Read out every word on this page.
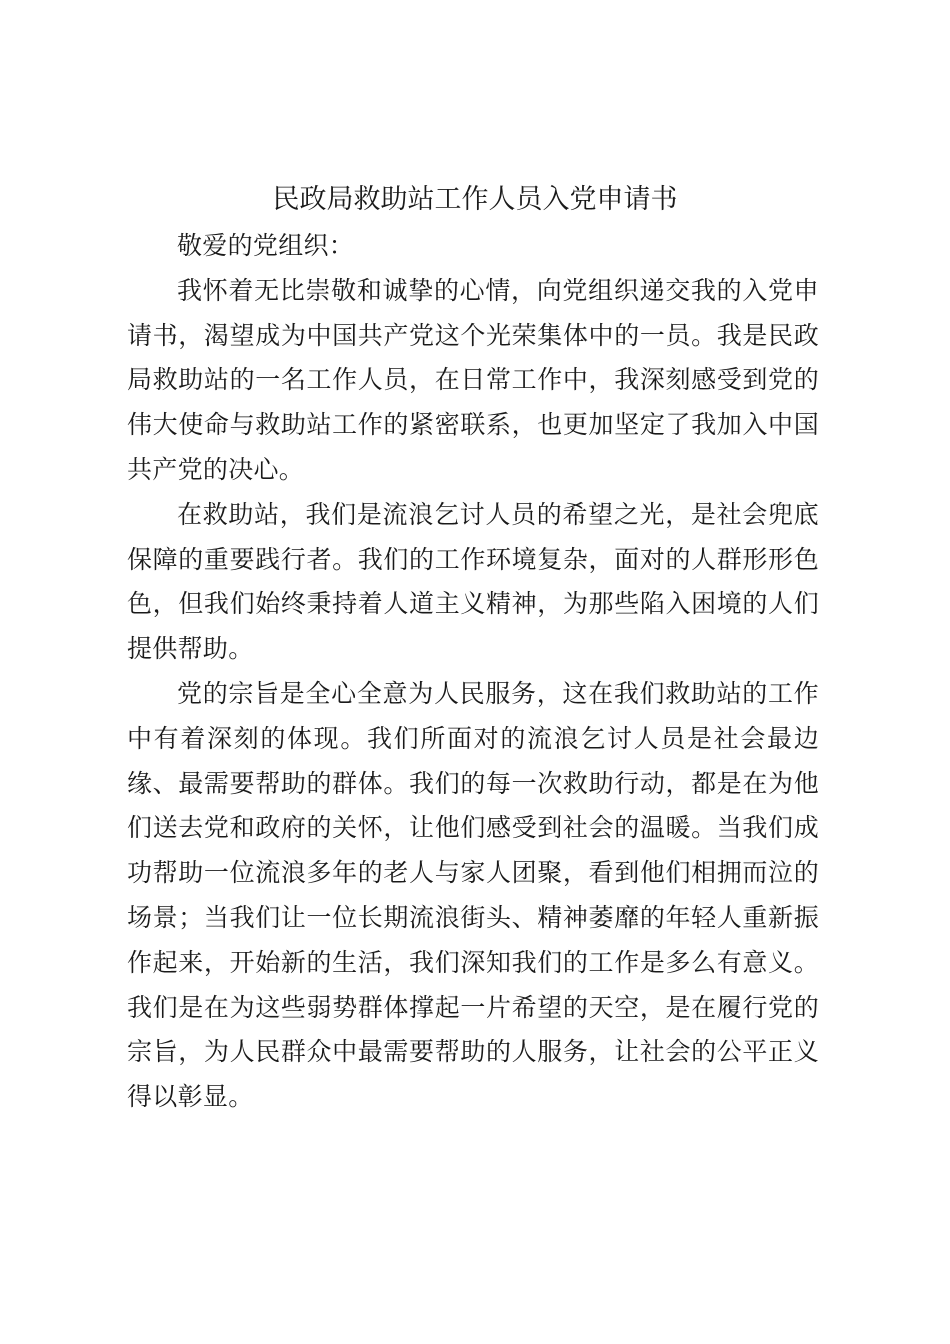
民政局救助站工作人员入党申请书

敬爱的党组织：

我怀着无比崇敬和诚挚的心情，向党组织递交我的入党申请书，渴望成为中国共产党这个光荣集体中的一员。我是民政局救助站的一名工作人员，在日常工作中，我深刻感受到党的伟大使命与救助站工作的紧密联系，也更加坚定了我加入中国共产党的决心。

在救助站，我们是流浪乞讨人员的希望之光，是社会兜底保障的重要践行者。我们的工作环境复杂，面对的人群形形色色，但我们始终秉持着人道主义精神，为那些陷入困境的人们提供帮助。

党的宗旨是全心全意为人民服务，这在我们救助站的工作中有着深刻的体现。我们所面对的流浪乞讨人员是社会最边缘、最需要帮助的群体。我们的每一次救助行动，都是在为他们送去党和政府的关怀，让他们感受到社会的温暖。当我们成功帮助一位流浪多年的老人与家人团聚，看到他们相拥而泣的场景；当我们让一位长期流浪街头、精神萎靡的年轻人重新振作起来，开始新的生活，我们深知我们的工作是多么有意义。我们是在为这些弱势群体撑起一片希望的天空，是在履行党的宗旨，为人民群众中最需要帮助的人服务，让社会的公平正义得以彰显。
